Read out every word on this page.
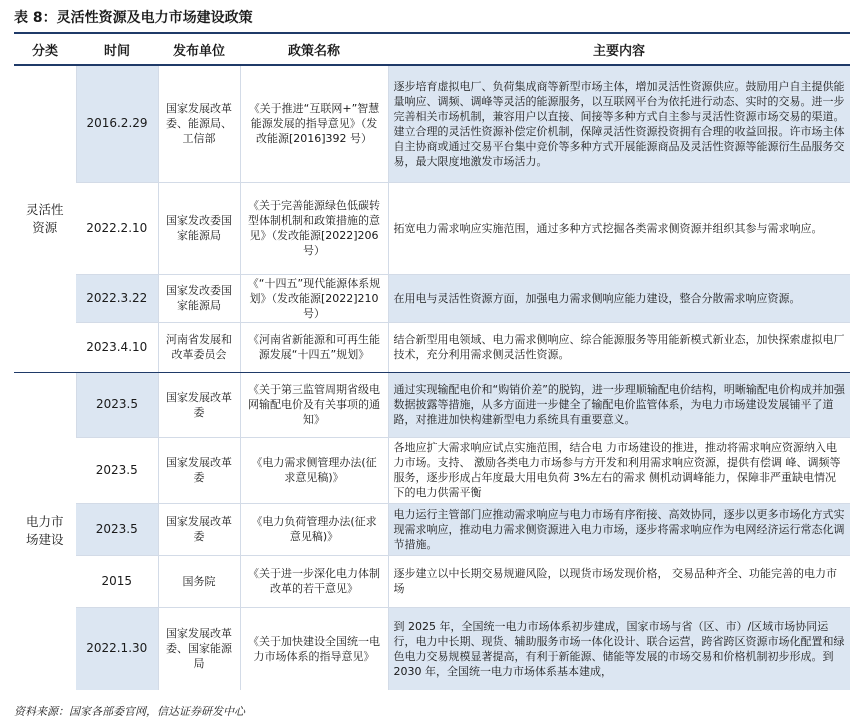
表 8：灵活性资源及电力市场建设政策
分类	时间	发布单位	政策名称	主要内容

灵活性资源	2016.2.29	国家发展改革委、能源局、工信部	《关于推进“互联网+”智慧能源发展的指导意见》（发改能源[2016]392 号）	逐步培育虚拟电厂、负荷集成商等新型市场主体，增加灵活性资源供应。鼓励用户自主提供能量响应、调频、调峰等灵活的能源服务，以互联网平台为依托进行动态、实时的交易。进一步完善相关市场机制，兼容用户以直接、间接等多种方式自主参与灵活性资源市场交易的渠道。建立合理的灵活性资源补偿定价机制，保障灵活性资源投资拥有合理的收益回报。许市场主体自主协商或通过交易平台集中竞价等多种方式开展能源商品及灵活性资源等能源衍生品服务交易，最大限度地激发市场活力。
	2022.2.10	国家发改委国家能源局	《关于完善能源绿色低碳转型体制机制和政策措施的意见》（发改能源[2022]206 号）	拓宽电力需求响应实施范围，通过多种方式挖掘各类需求侧资源并组织其参与需求响应。
	2022.3.22	国家发改委国家能源局	《“十四五”现代能源体系规划》（发改能源[2022]210 号）	在用电与灵活性资源方面，加强电力需求侧响应能力建设，整合分散需求响应资源。
	2023.4.10	河南省发展和改革委员会	《河南省新能源和可再生能源发展“十四五”规划》	结合新型用电领域、电力需求侧响应、综合能源服务等用能新模式新业态，加快探索虚拟电厂技术，充分利用需求侧灵活性资源。

电力市场建设	2023.5	国家发展改革委	《关于第三监管周期省级电网输配电价及有关事项的通知》	通过实现输配电价和“购销价差”的脱钩，进一步理顺输配电价结构，明晰输配电价构成并加强数据披露等措施，从多方面进一步健全了输配电价监管体系，为电力市场建设发展铺平了道路，对推进加快构建新型电力系统具有重要意义。
	2023.5	国家发展改革委	《电力需求侧管理办法(征求意见稿)》	各地应扩大需求响应试点实施范围，结合电 力市场建设的推进，推动将需求响应资源纳入电力市场。支持、 激励各类电力市场参与方开发和利用需求响应资源，提供有偿调 峰、调频等服务，逐步形成占年度最大用电负荷 3%左右的需求 侧机动调峰能力，保障非严重缺电情况下的电力供需平衡
	2023.5	国家发展改革委	《电力负荷管理办法(征求意见稿)》	电力运行主管部门应推动需求响应与电力市场有序衔接、高效协同，逐步以更多市场化方式实现需求响应，推动电力需求侧资源进入电力市场，逐步将需求响应作为电网经济运行常态化调节措施。
	2015	国务院	《关于进一步深化电力体制改革的若干意见》	逐步建立以中长期交易规避风险，以现货市场发现价格， 交易品种齐全、功能完善的电力市场
	2022.1.30	国家发展改革委、国家能源局	《关于加快建设全国统一电力市场体系的指导意见》	到 2025 年，全国统一电力市场体系初步建成，国家市场与省（区、市）/区域市场协同运行，电力中长期、现货、辅助服务市场一体化设计、联合运营，跨省跨区资源市场化配置和绿色电力交易规模显著提高，有利于新能源、储能等发展的市场交易和价格机制初步形成。到 2030 年，全国统一电力市场体系基本建成，
资料来源：国家各部委官网，信达证券研发中心
